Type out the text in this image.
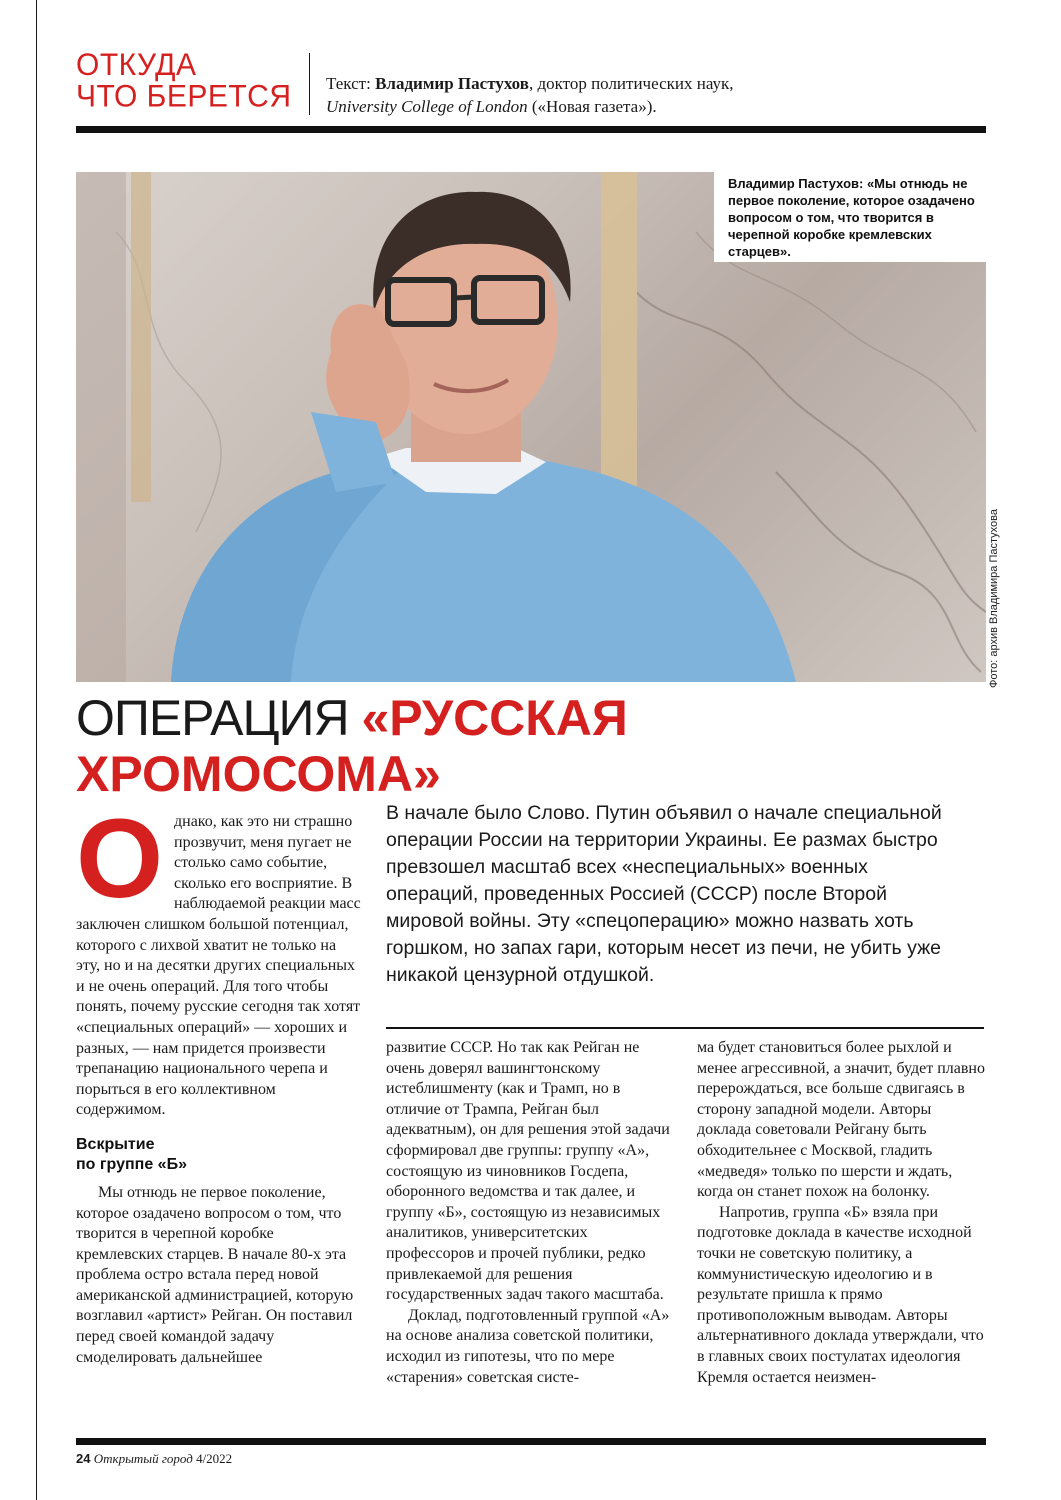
ОТКУДА
ЧТО БЕРЕТСЯ Текст: Владимир Пастухов, доктор политических наук,
University College of London («Новая газета»).
Владимир Пастухов: «Мы отнюдь не первое поколение, которое озадачено вопросом о том, что творится в черепной коробке кремлевских старцев».
Фото: архив Владимира Пастухова
ОПЕРАЦИЯ «РУССКАЯ
ХРОМОСОМА»
В начале было Слово. Путин объявил о начале специальной операции России на территории Украины. Ее размах быстро превзошел масштаб всех «неспециальных» военных операций, проведенных Россией (СССР) после Второй мировой войны. Эту «спецоперацию» можно назвать хоть горшком, но запах гари, которым несет из печи, не убить уже никакой цензурной отдушкой.
О днако, как это ни страшно прозвучит, меня пугает не столько само событие, сколько его восприятие. В наблюдаемой реакции масс заключен слишком большой потенциал, которого с лихвой хватит не только на эту, но и на десятки других специальных и не очень операций. Для того чтобы понять, почему русские сегодня так хотят «специальных операций» — хороших и разных, — нам придется произвести трепанацию национального черепа и порыться в его коллективном содержимом.

Вскрытие
по группе «Б»

Мы отнюдь не первое поколение, которое озадачено вопросом о том, что творится в черепной коробке кремлевских старцев. В начале 80-х эта проблема остро встала перед новой американской администрацией, которую возглавил «артист» Рейган. Он поставил перед своей командой задачу смоделировать дальнейшее

развитие СССР. Но так как Рейган не очень доверял вашингтонскому истеблишменту (как и Трамп, но в отличие от Трампа, Рейган был адекватным), он для решения этой задачи сформировал две группы: группу «А», состоящую из чиновников Госдепа, оборонного ведомства и так далее, и группу «Б», состоящую из независимых аналитиков, университетских профессоров и прочей публики, редко привлекаемой для решения государственных задач такого масштаба.

Доклад, подготовленный группой «А» на основе анализа советской политики, исходил из гипотезы, что по мере «старения» советская систе-

ма будет становиться более рыхлой и менее агрессивной, а значит, будет плавно перерождаться, все больше сдвигаясь в сторону западной модели. Авторы доклада советовали Рейгану быть обходительнее с Москвой, гладить «медведя» только по шерсти и ждать, когда он станет похож на болонку.

Напротив, группа «Б» взяла при подготовке доклада в качестве исходной точки не советскую политику, а коммунистическую идеологию и в результате пришла к прямо противоположным выводам. Авторы альтернативного доклада утверждали, что в главных своих постулатах идеология Кремля остается неизмен-

24 Открытый город 4/2022
